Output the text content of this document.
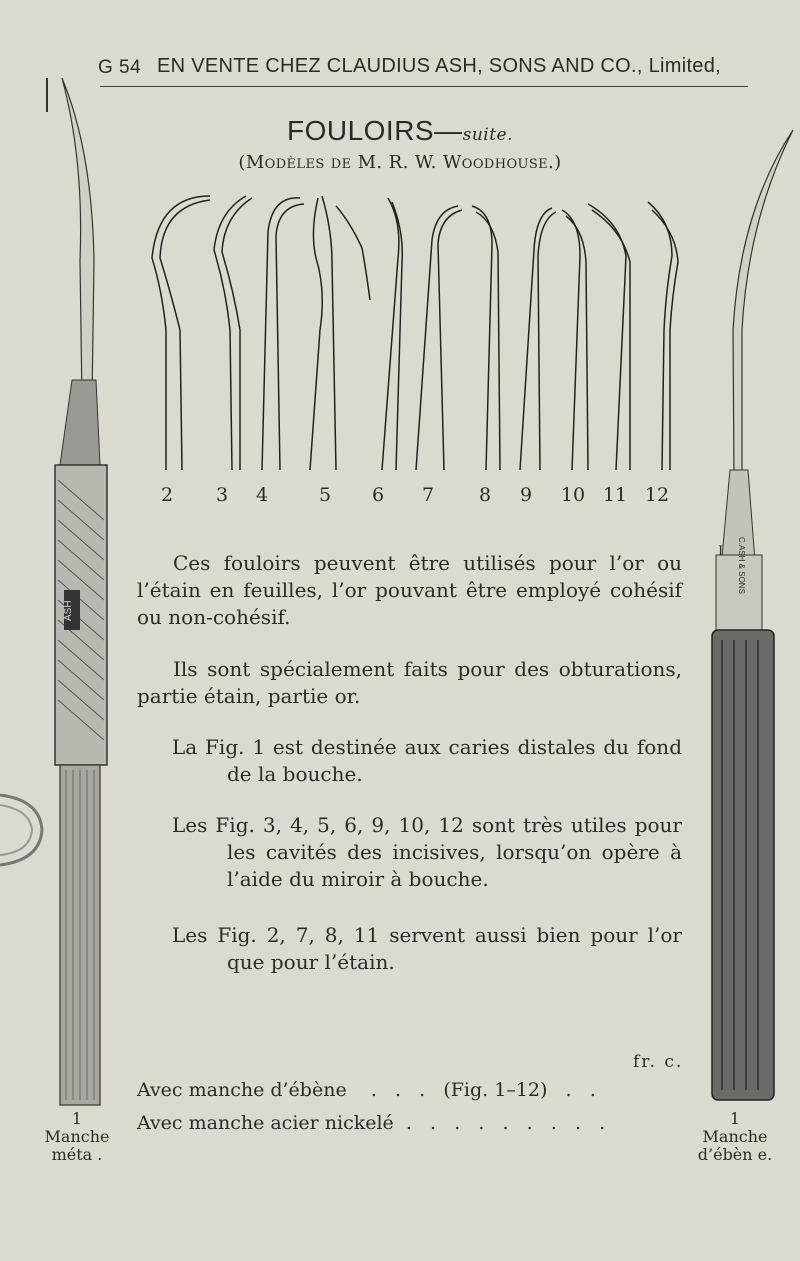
G 54 EN VENTE CHEZ CLAUDIUS ASH, SONS AND CO., Limited,
FOULOIRS—suite.
(Modèles de M. R. W. Woodhouse.)
2	3	4	5	6	7	8	9	10 11 12
Ces fouloirs peuvent être utilisés pour l’or ou l’étain en feuilles, l’or pouvant être employé cohésif ou non-cohésif.
Ils sont spécialement faits pour des obturations, partie étain, partie or.
La Fig. 1 est destinée aux caries distales du fond de la bouche.
Les Fig. 3, 4, 5, 6, 9, 10, 12 sont très utiles pour les cavités des incisives, lorsqu’on opère à l’aide du miroir à bouche.
Les Fig. 2, 7, 8, 11 servent aussi bien pour l’or que pour l’étain.
fr. c.
Avec manche d’ébène    .   .   .   (Fig. 1–12)   .   .
Avec manche acier nickelé  .   .   .   .   .   .   .   .   .
1
Manche
méta .
1
Manche
d’ébèn e.
ASH
C.ASH & SONS
I
